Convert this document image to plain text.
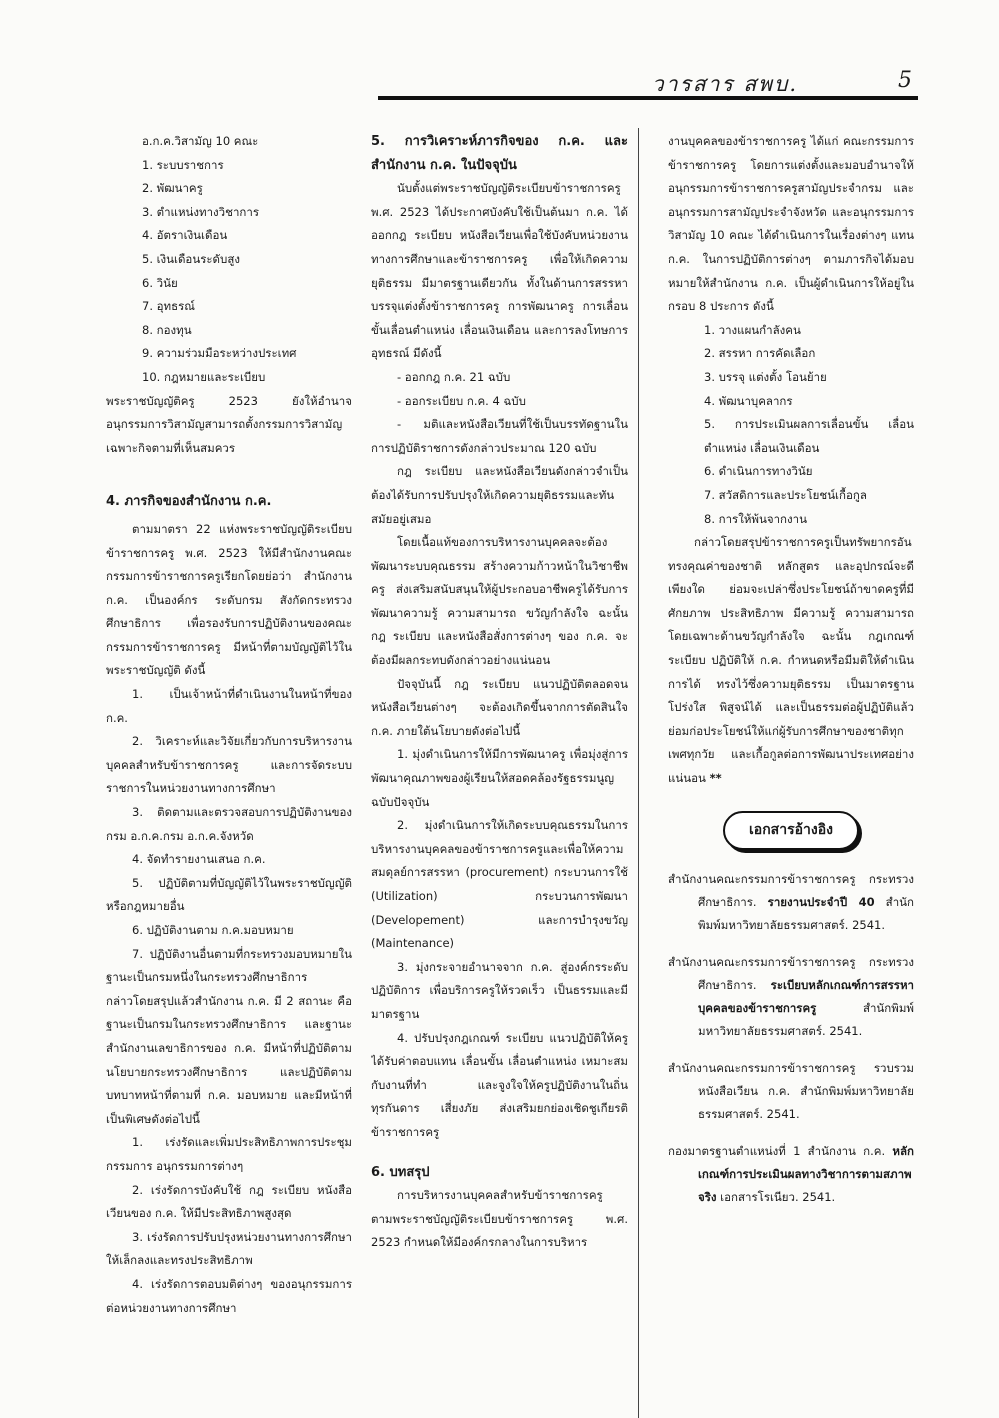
วารสาร สพบ.	5

อ.ก.ค.วิสามัญ 10 คณะ

1. ระบบราชการ
2. พัฒนาครู
3. ตำแหน่งทางวิชาการ
4. อัตราเงินเดือน
5. เงินเดือนระดับสูง
6. วินัย
7. อุทธรณ์
8. กองทุน
9. ความร่วมมือระหว่างประเทศ
10. กฎหมายและระเบียบ

พระราชบัญญัติครู 2523 ยังให้อำนาจอนุกรรมการวิสามัญสามารถตั้งกรรมการวิสามัญเฉพาะกิจตามที่เห็นสมควร

4. ภารกิจของสำนักงาน ก.ค.

ตามมาตรา 22 แห่งพระราชบัญญัติระเบียบข้าราชการครู พ.ศ. 2523 ให้มีสำนักงานคณะกรรมการข้าราชการครูเรียกโดยย่อว่า สำนักงาน ก.ค. เป็นองค์กร ระดับกรม สังกัดกระทรวงศึกษาธิการ เพื่อรองรับการปฏิบัติงานของคณะกรรมการข้าราชการครู มีหน้าที่ตามบัญญัติไว้ในพระราชบัญญัติ ดังนี้

1. เป็นเจ้าหน้าที่ดำเนินงานในหน้าที่ของ ก.ค.

2. วิเคราะห์และวิจัยเกี่ยวกับการบริหารงานบุคคลสำหรับข้าราชการครู และการจัดระบบราชการในหน่วยงานทางการศึกษา

3. ติดตามและตรวจสอบการปฏิบัติงานของกรม อ.ก.ค.กรม อ.ก.ค.จังหวัด

4. จัดทำรายงานเสนอ ก.ค.

5. ปฏิบัติตามที่บัญญัติไว้ในพระราชบัญญัติหรือกฎหมายอื่น

6. ปฏิบัติงานตาม ก.ค.มอบหมาย

7. ปฏิบัติงานอื่นตามที่กระทรวงมอบหมายในฐานะเป็นกรมหนึ่งในกระทรวงศึกษาธิการ

กล่าวโดยสรุปแล้วสำนักงาน ก.ค. มี 2 สถานะ คือ ฐานะเป็นกรมในกระทรวงศึกษาธิการ และฐานะสำนักงานเลขาธิการของ ก.ค. มีหน้าที่ปฏิบัติตามนโยบายกระทรวงศึกษาธิการ และปฏิบัติตามบทบาทหน้าที่ตามที่ ก.ค. มอบหมาย และมีหน้าที่เป็นพิเศษดังต่อไปนี้

1. เร่งรัดและเพิ่มประสิทธิภาพการประชุมกรรมการ อนุกรรมการต่างๆ

2. เร่งรัดการบังคับใช้ กฎ ระเบียบ หนังสือเวียนของ ก.ค. ให้มีประสิทธิภาพสูงสุด

3. เร่งรัดการปรับปรุงหน่วยงานทางการศึกษาให้เล็กลงและทรงประสิทธิภาพ

4. เร่งรัดการตอบมติต่างๆ ของอนุกรรมการต่อหน่วยงานทางการศึกษา

5. การวิเคราะห์ภารกิจของ ก.ค. และสำนักงาน ก.ค. ในปัจจุบัน

นับตั้งแต่พระราชบัญญัติระเบียบข้าราชการครู พ.ศ. 2523 ได้ประกาศบังคับใช้เป็นต้นมา ก.ค. ได้ออกกฎ ระเบียบ หนังสือเวียนเพื่อใช้บังคับหน่วยงานทางการศึกษาและข้าราชการครู เพื่อให้เกิดความยุติธรรม มีมาตรฐานเดียวกัน ทั้งในด้านการสรรหา บรรจุแต่งตั้งข้าราชการครู การพัฒนาครู การเลื่อนขั้นเลื่อนตำแหน่ง เลื่อนเงินเดือน และการลงโทษการอุทธรณ์ มีดังนี้

- ออกกฎ ก.ค. 21 ฉบับ

- ออกระเบียบ ก.ค. 4 ฉบับ

- มติและหนังสือเวียนที่ใช้เป็นบรรทัดฐานในการปฏิบัติราชการดังกล่าวประมาณ 120 ฉบับ

กฎ ระเบียบ และหนังสือเวียนดังกล่าวจำเป็นต้องได้รับการปรับปรุงให้เกิดความยุติธรรมและทันสมัยอยู่เสมอ

โดยเนื้อแท้ของการบริหารงานบุคคลจะต้องพัฒนาระบบคุณธรรม สร้างความก้าวหน้าในวิชาชีพครู ส่งเสริมสนับสนุนให้ผู้ประกอบอาชีพครูได้รับการพัฒนาความรู้ ความสามารถ ขวัญกำลังใจ ฉะนั้น กฎ ระเบียบ และหนังสือสั่งการต่างๆ ของ ก.ค. จะต้องมีผลกระทบดังกล่าวอย่างแน่นอน

ปัจจุบันนี้ กฎ ระเบียบ แนวปฏิบัติตลอดจนหนังสือเวียนต่างๆ จะต้องเกิดขึ้นจากการตัดสินใจ ก.ค. ภายใต้นโยบายดังต่อไปนี้

1. มุ่งดำเนินการให้มีการพัฒนาครู เพื่อมุ่งสู่การพัฒนาคุณภาพของผู้เรียนให้สอดคล้องรัฐธรรมนูญฉบับปัจจุบัน

2. มุ่งดำเนินการให้เกิดระบบคุณธรรมในการบริหารงานบุคคลของข้าราชการครูและเพื่อให้ความสมดุลย์การสรรหา (procurement) กระบวนการใช้ (Utilization) กระบวนการพัฒนา (Developement) และการบำรุงขวัญ (Maintenance)

3. มุ่งกระจายอำนาจจาก ก.ค. สู่องค์กรระดับปฏิบัติการ เพื่อบริการครูให้รวดเร็ว เป็นธรรมและมีมาตรฐาน

4. ปรับปรุงกฎเกณฑ์ ระเบียบ แนวปฏิบัติให้ครูได้รับค่าตอบแทน เลื่อนขั้น เลื่อนตำแหน่ง เหมาะสมกับงานที่ทำ และจูงใจให้ครูปฏิบัติงานในถิ่นทุรกันดาร เสี่ยงภัย ส่งเสริมยกย่องเชิดชูเกียรติข้าราชการครู

6. บทสรุป

การบริหารงานบุคคลสำหรับข้าราชการครูตามพระราชบัญญัติระเบียบข้าราชการครู พ.ศ. 2523 กำหนดให้มีองค์กรกลางในการบริหาร

งานบุคคลของข้าราชการครู ได้แก่ คณะกรรมการข้าราชการครู โดยการแต่งตั้งและมอบอำนาจให้อนุกรรมการข้าราชการครูสามัญประจำกรม และอนุกรรมการสามัญประจำจังหวัด และอนุกรรมการวิสามัญ 10 คณะ ได้ดำเนินการในเรื่องต่างๆ แทน ก.ค. ในการปฏิบัติการต่างๆ ตามภารกิจได้มอบหมายให้สำนักงาน ก.ค. เป็นผู้ดำเนินการให้อยู่ในกรอบ 8 ประการ ดังนี้

1. วางแผนกำลังคน
2. สรรหา การคัดเลือก
3. บรรจุ แต่งตั้ง โอนย้าย
4. พัฒนาบุคลากร
5. การประเมินผลการเลื่อนขั้น เลื่อนตำแหน่ง เลื่อนเงินเดือน
6. ดำเนินการทางวินัย
7. สวัสดิการและประโยชน์เกื้อกูล
8. การให้พ้นจากงาน

กล่าวโดยสรุปข้าราชการครูเป็นทรัพยากรอันทรงคุณค่าของชาติ หลักสูตร และอุปกรณ์จะดีเพียงใด ย่อมจะเปล่าซึ่งประโยชน์ถ้าขาดครูที่มีศักยภาพ ประสิทธิภาพ มีความรู้ ความสามารถ โดยเฉพาะด้านขวัญกำลังใจ ฉะนั้น กฎเกณฑ์ ระเบียบ ปฏิบัติให้ ก.ค. กำหนดหรือมีมติให้ดำเนินการได้ ทรงไว้ซึ่งความยุติธรรม เป็นมาตรฐาน โปร่งใส พิสูจน์ได้ และเป็นธรรมต่อผู้ปฏิบัติแล้ว ย่อมก่อประโยชน์ให้แก่ผู้รับการศึกษาของชาติทุกเพศทุกวัย และเกื้อกูลต่อการพัฒนาประเทศอย่างแน่นอน **

เอกสารอ้างอิง

สำนักงานคณะกรรมการข้าราชการครู กระทรวงศึกษาธิการ. รายงานประจำปี 40 สำนักพิมพ์มหาวิทยาลัยธรรมศาสตร์. 2541.

สำนักงานคณะกรรมการข้าราชการครู กระทรวงศึกษาธิการ. ระเบียบหลักเกณฑ์การสรรหาบุคคลของข้าราชการครู สำนักพิมพ์มหาวิทยาลัยธรรมศาสตร์. 2541.

สำนักงานคณะกรรมการข้าราชการครู รวบรวมหนังสือเวียน ก.ค. สำนักพิมพ์มหาวิทยาลัยธรรมศาสตร์. 2541.

กองมาตรฐานตำแหน่งที่ 1 สำนักงาน ก.ค. หลักเกณฑ์การประเมินผลทางวิชาการตามสภาพจริง เอกสารโรเนียว. 2541.
